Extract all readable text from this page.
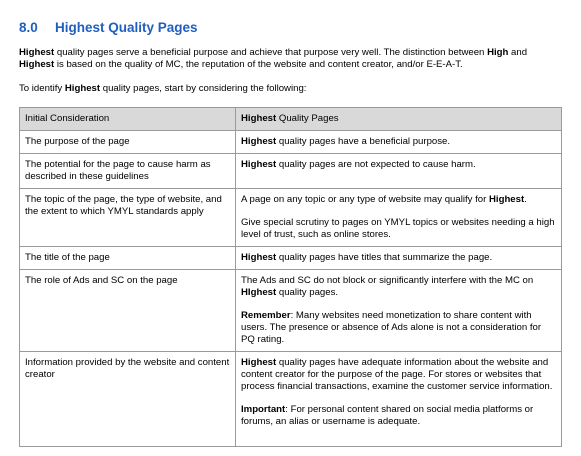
8.0 Highest Quality Pages
Highest quality pages serve a beneficial purpose and achieve that purpose very well. The distinction between High and Highest is based on the quality of MC, the reputation of the website and content creator, and/or E-E-A-T.
To identify Highest quality pages, start by considering the following:
Initial Consideration	Highest Quality Pages
The purpose of the page	Highest quality pages have a beneficial purpose.

The potential for the page to cause harm as described in these guidelines	Highest quality pages are not expected to cause harm.

The topic of the page, the type of website, and the extent to which YMYL standards apply	A page on any topic or any type of website may qualify for Highest.

Give special scrutiny to pages on YMYL topics or websites needing a high level of trust, such as online stores.

The title of the page	Highest quality pages have titles that summarize the page.

The role of Ads and SC on the page	The Ads and SC do not block or significantly interfere with the MC on HIghest quality pages.

Remember: Many websites need monetization to share content with users. The presence or absence of Ads alone is not a consideration for PQ rating.

Information provided by the website and content creator	Highest quality pages have adequate information about the website and content creator for the purpose of the page. For stores or websites that process financial transactions, examine the customer service information.

Important: For personal content shared on social media platforms or forums, an alias or username is adequate.
